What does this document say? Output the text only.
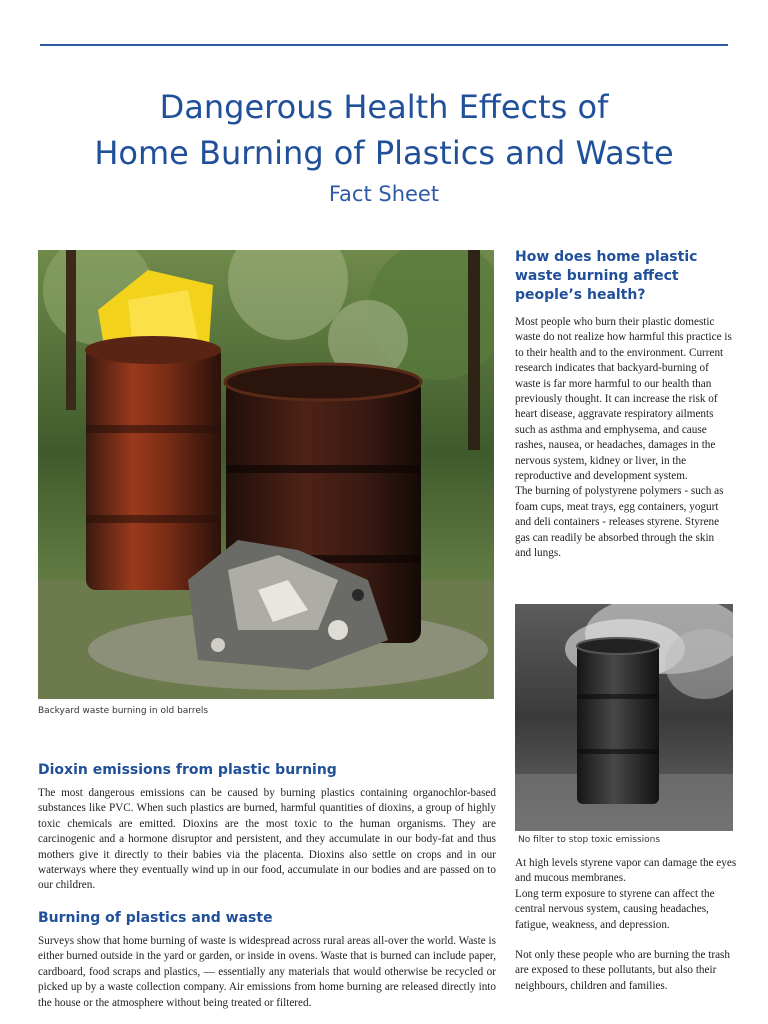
Dangerous Health Effects of
Home Burning of Plastics and Waste
Fact Sheet
Backyard waste burning in old barrels
How does home plastic waste burning affect people’s health?

Most people who burn their plastic domestic waste do not realize how harmful this practice is to their health and to the environment. Current research indicates that backyard-burning of waste is far more harmful to our health than previously thought. It can increase the risk of heart disease, aggravate respiratory ailments such as asthma and emphysema, and cause rashes, nausea, or headaches, damages in the nervous system, kidney or liver, in the reproductive and development system.

The burning of polystyrene polymers - such as foam cups, meat trays, egg containers, yogurt and deli containers - releases styrene. Styrene gas can readily be absorbed through the skin and lungs.

No filter to stop toxic emissions

At high levels styrene vapor can damage the eyes and mucous membranes.

Long term exposure to styrene can affect the central nervous system, causing headaches, fatigue, weakness, and depression.

Not only these people who are burning the trash are exposed to these pollutants, but also their neighbours, children and families.

Dioxin emissions from plastic burning
The most dangerous emissions can be caused by burning plastics containing organochlor-based substances like PVC. When such plastics are burned, harmful quantities of dioxins, a group of highly toxic chemicals are emitted. Dioxins are the most toxic to the human organisms. They are carcinogenic and a hormone disruptor and persistent, and they accumulate in our body-fat and thus mothers give it directly to their babies via the placenta. Dioxins also settle on crops and in our waterways where they eventually wind up in our food, accumulate in our bodies and are passed on to our children.
Burning of plastics and waste
Surveys show that home burning of waste is widespread across rural areas all-over the world. Waste is either burned outside in the yard or garden, or inside in ovens. Waste that is burned can include paper, cardboard, food scraps and plastics, — essentially any materials that would otherwise be recycled or picked up by a waste collection company. Air emissions from home burning are released directly into the house or the atmosphere without being treated or filtered.
